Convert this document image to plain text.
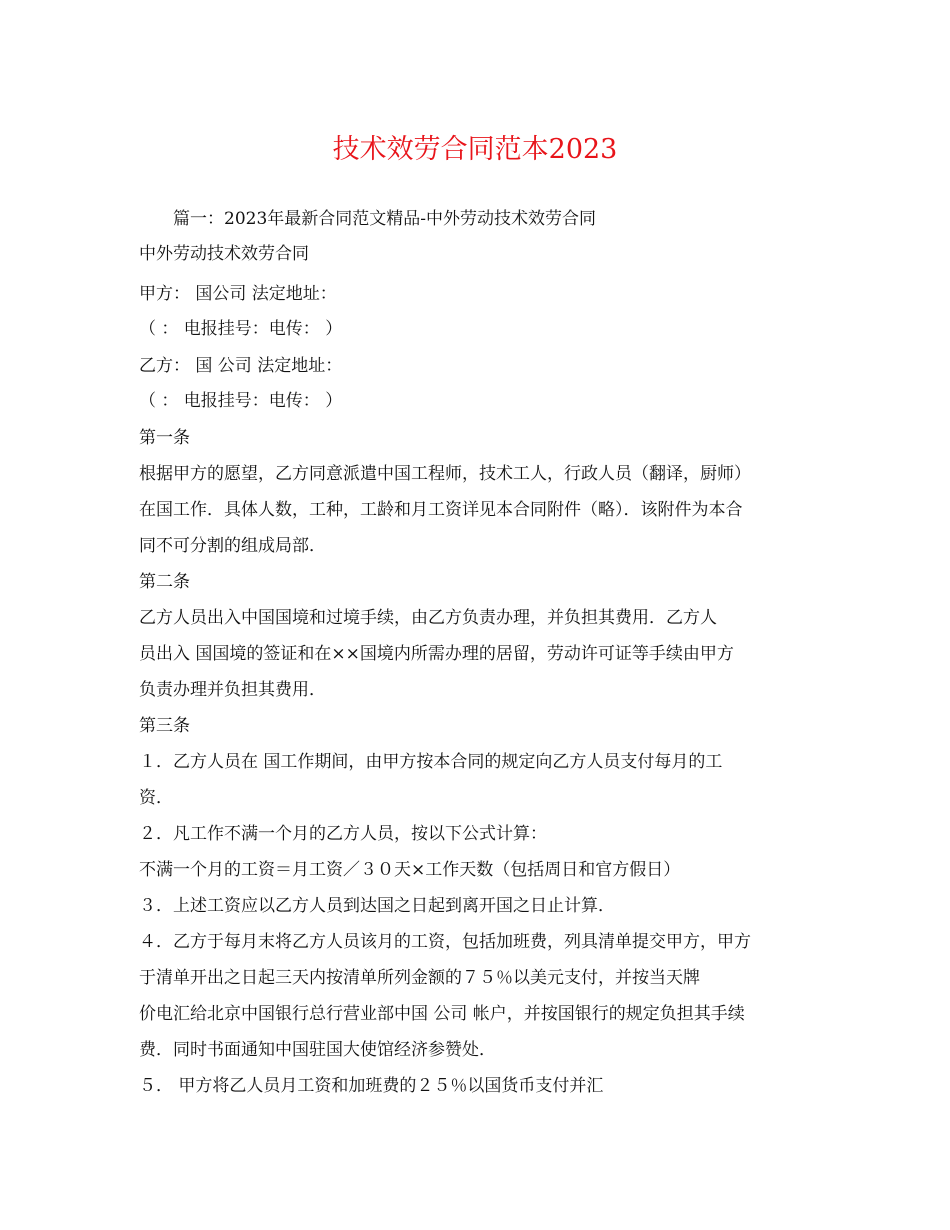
技术效劳合同范本2023
　　篇一：2023年最新合同范文精品-中外劳动技术效劳合同
中外劳动技术效劳合同
甲方： 国公司 法定地址：
（ ： 电报挂号：电传： ）
乙方： 国 公司 法定地址：
（ ： 电报挂号：电传： ）
第一条
根据甲方的愿望，乙方同意派遣中国工程师，技术工人，行政人员（翻译，厨师）
在国工作．具体人数，工种，工龄和月工资详见本合同附件（略）．该附件为本合
同不可分割的组成局部．
第二条
乙方人员出入中国国境和过境手续，由乙方负责办理，并负担其费用．乙方人
员出入 国国境的签证和在××国境内所需办理的居留，劳动许可证等手续由甲方
负责办理并负担其费用．
第三条
１．乙方人员在 国工作期间，由甲方按本合同的规定向乙方人员支付每月的工
资．
２．凡工作不满一个月的乙方人员，按以下公式计算：
不满一个月的工资＝月工资／３０天×工作天数（包括周日和官方假日）
３．上述工资应以乙方人员到达国之日起到离开国之日止计算．
４．乙方于每月末将乙方人员该月的工资，包括加班费，列具清单提交甲方，甲方
于清单开出之日起三天内按清单所列金额的７５％以美元支付，并按当天牌
价电汇给北京中国银行总行营业部中国 公司 帐户，并按国银行的规定负担其手续
费．同时书面通知中国驻国大使馆经济参赞处．
５． 甲方将乙人员月工资和加班费的２５％以国货币支付并汇
